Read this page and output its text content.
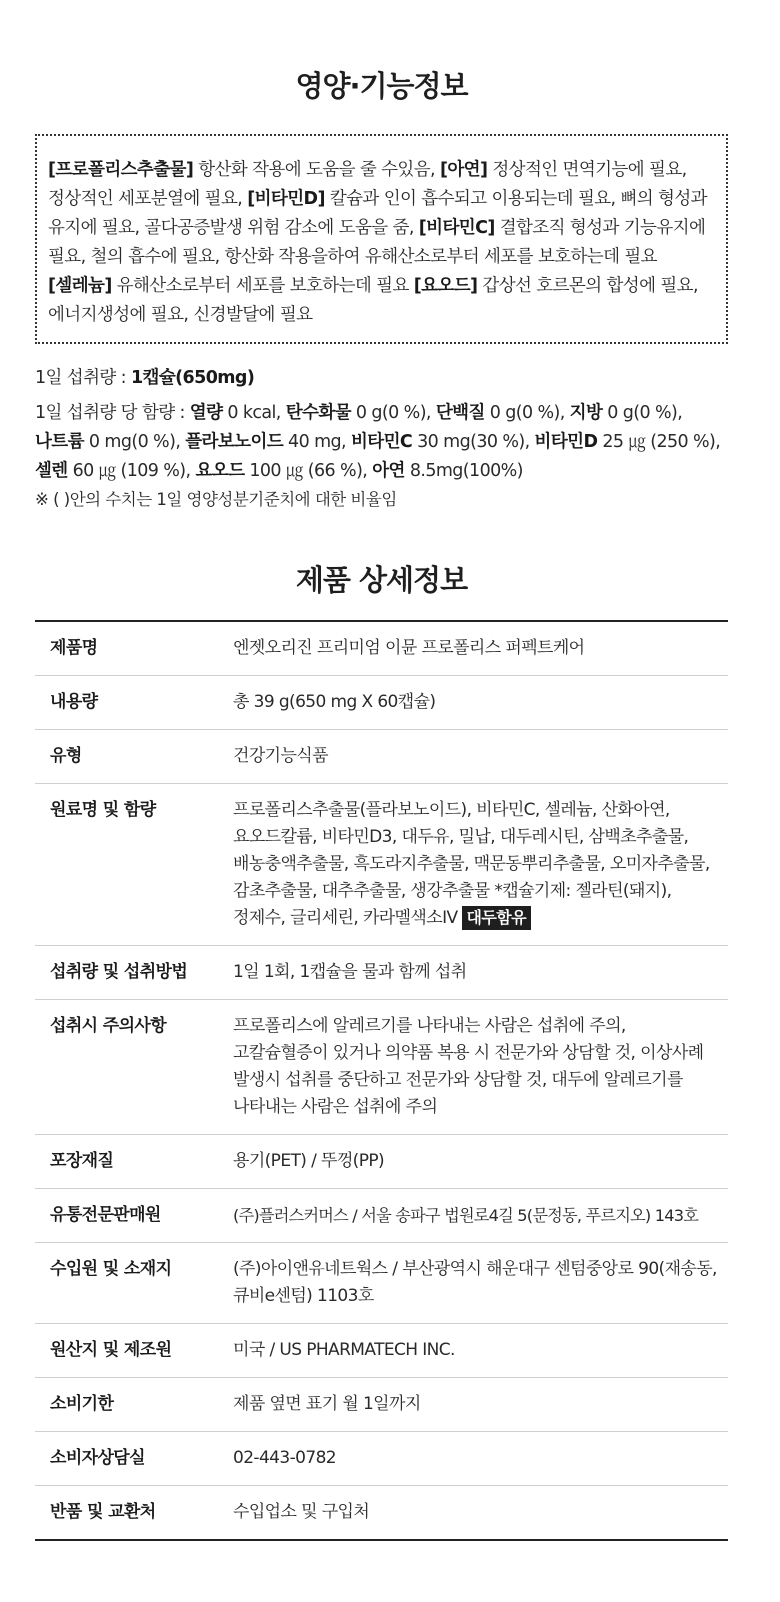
영양·기능정보
[프로폴리스추출물] 항산화 작용에 도움을 줄 수있음, [아연] 정상적인 면역기능에 필요, 정상적인 세포분열에 필요, [비타민D] 칼슘과 인이 흡수되고 이용되는데 필요, 뼈의 형성과 유지에 필요, 골다공증발생 위험 감소에 도움을 줌, [비타민C] 결합조직 형성과 기능유지에 필요, 철의 흡수에 필요, 항산화 작용을하여 유해산소로부터 세포를 보호하는데 필요 [셀레늄] 유해산소로부터 세포를 보호하는데 필요 [요오드] 갑상선 호르몬의 합성에 필요, 에너지생성에 필요, 신경발달에 필요
1일 섭취량 : 1캡슐(650mg)
1일 섭취량 당 함량 : 열량 0 kcal, 탄수화물 0 g(0 %), 단백질 0 g(0 %), 지방 0 g(0 %), 나트륨 0 mg(0 %), 플라보노이드 40 mg, 비타민C 30 mg(30 %), 비타민D 25 ㎍ (250 %), 셀렌 60 ㎍ (109 %), 요오드 100 ㎍ (66 %), 아연 8.5mg(100%)
※ ( )안의 수치는 1일 영양성분기준치에 대한 비율임
제품 상세정보
제품명	엔젯오리진 프리미엄 이뮨 프로폴리스 퍼펙트케어
내용량	총 39 g(650 mg X 60캡슐)
유형	건강기능식품
원료명 및 함량	프로폴리스추출물(플라보노이드), 비타민C, 셀레늄, 산화아연, 요오드칼륨, 비타민D3, 대두유, 밀납, 대두레시틴, 삼백초추출물, 배농충액추출물, 흑도라지추출물, 맥문동뿌리추출물, 오미자추출물, 감초추출물, 대추추출물, 생강추출물 *캡슐기제: 젤라틴(돼지), 정제수, 글리세린, 카라멜색소IV 대두함유
섭취량 및 섭취방법	1일 1회, 1캡슐을 물과 함께 섭취
섭취시 주의사항	프로폴리스에 알레르기를 나타내는 사람은 섭취에 주의, 고칼슘혈증이 있거나 의약품 복용 시 전문가와 상담할 것, 이상사례 발생시 섭취를 중단하고 전문가와 상담할 것, 대두에 알레르기를 나타내는 사람은 섭취에 주의
포장재질	용기(PET) / 뚜껑(PP)
유통전문판매원	(주)플러스커머스 / 서울 송파구 법원로4길 5(문정동, 푸르지오) 143호
수입원 및 소재지	(주)아이앤유네트웍스 / 부산광역시 해운대구 센텀중앙로 90(재송동, 큐비e센텀) 1103호
원산지 및 제조원	미국 / US PHARMATECH INC.
소비기한	제품 옆면 표기 월 1일까지
소비자상담실	02-443-0782
반품 및 교환처	수입업소 및 구입처
